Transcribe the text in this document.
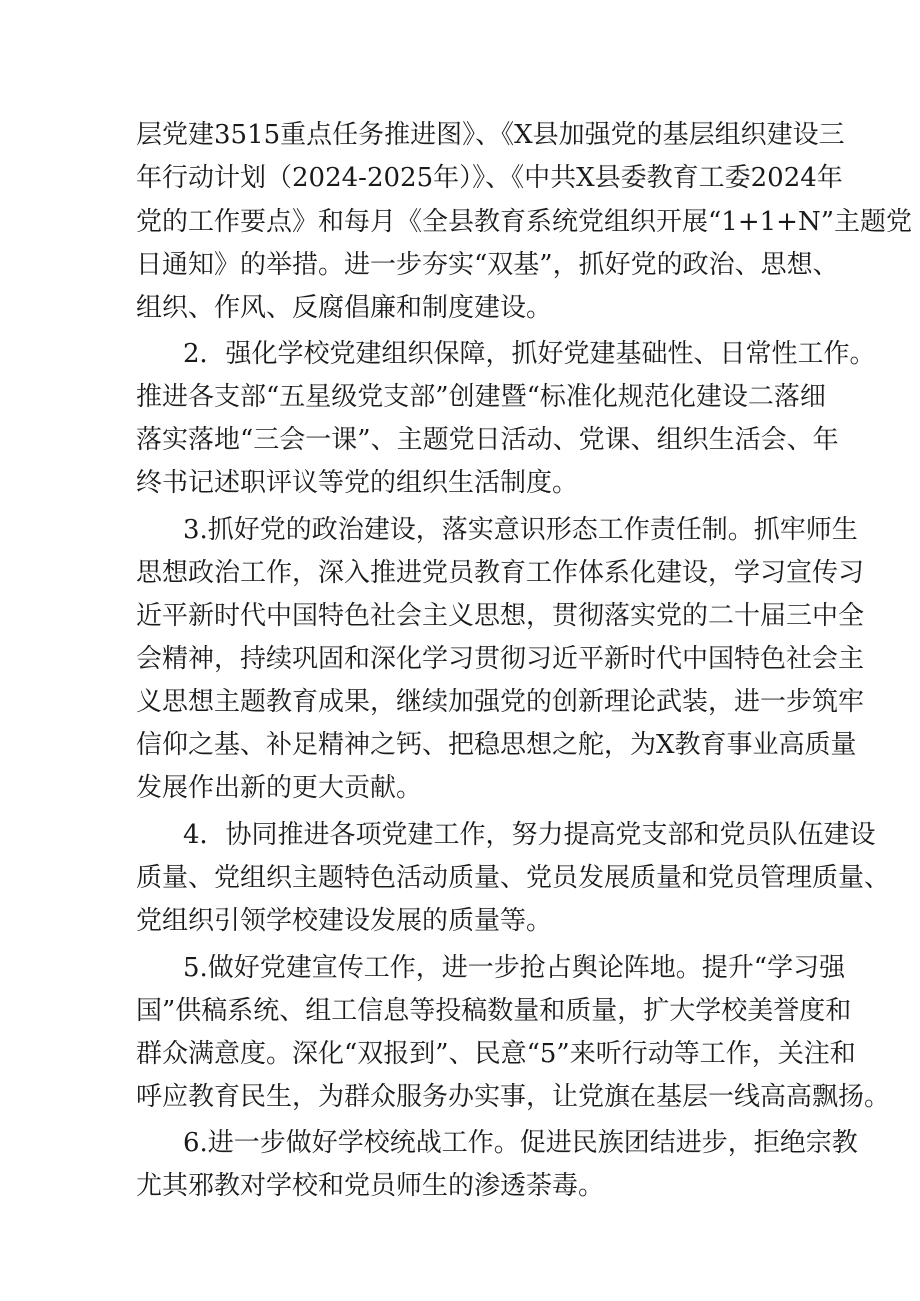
层党建3515重点任务推进图》、《X县加强党的基层组织建设三
年行动计划（2024-2025年）》、《中共X县委教育工委2024年
党的工作要点》和每月《全县教育系统党组织开展“1+1+N”主题党
日通知》的举措。进一步夯实“双基”，抓好党的政治、思想、
组织、作风、反腐倡廉和制度建设。
2．强化学校党建组织保障，抓好党建基础性、日常性工作。
推进各支部“五星级党支部”创建暨“标准化规范化建设二落细
落实落地“三会一课”、主题党日活动、党课、组织生活会、年
终书记述职评议等党的组织生活制度。
3.抓好党的政治建设，落实意识形态工作责任制。抓牢师生
思想政治工作，深入推进党员教育工作体系化建设，学习宣传习
近平新时代中国特色社会主义思想，贯彻落实党的二十届三中全
会精神，持续巩固和深化学习贯彻习近平新时代中国特色社会主
义思想主题教育成果，继续加强党的创新理论武装，进一步筑牢
信仰之基、补足精神之钙、把稳思想之舵，为X教育事业高质量
发展作出新的更大贡献。
4．协同推进各项党建工作，努力提高党支部和党员队伍建设
质量、党组织主题特色活动质量、党员发展质量和党员管理质量、
党组织引领学校建设发展的质量等。
5.做好党建宣传工作，进一步抢占舆论阵地。提升“学习强
国”供稿系统、组工信息等投稿数量和质量，扩大学校美誉度和
群众满意度。深化“双报到”、民意“5”来听行动等工作，关注和
呼应教育民生，为群众服务办实事，让党旗在基层一线高高飘扬。
6.进一步做好学校统战工作。促进民族团结进步，拒绝宗教
尤其邪教对学校和党员师生的渗透荼毒。
